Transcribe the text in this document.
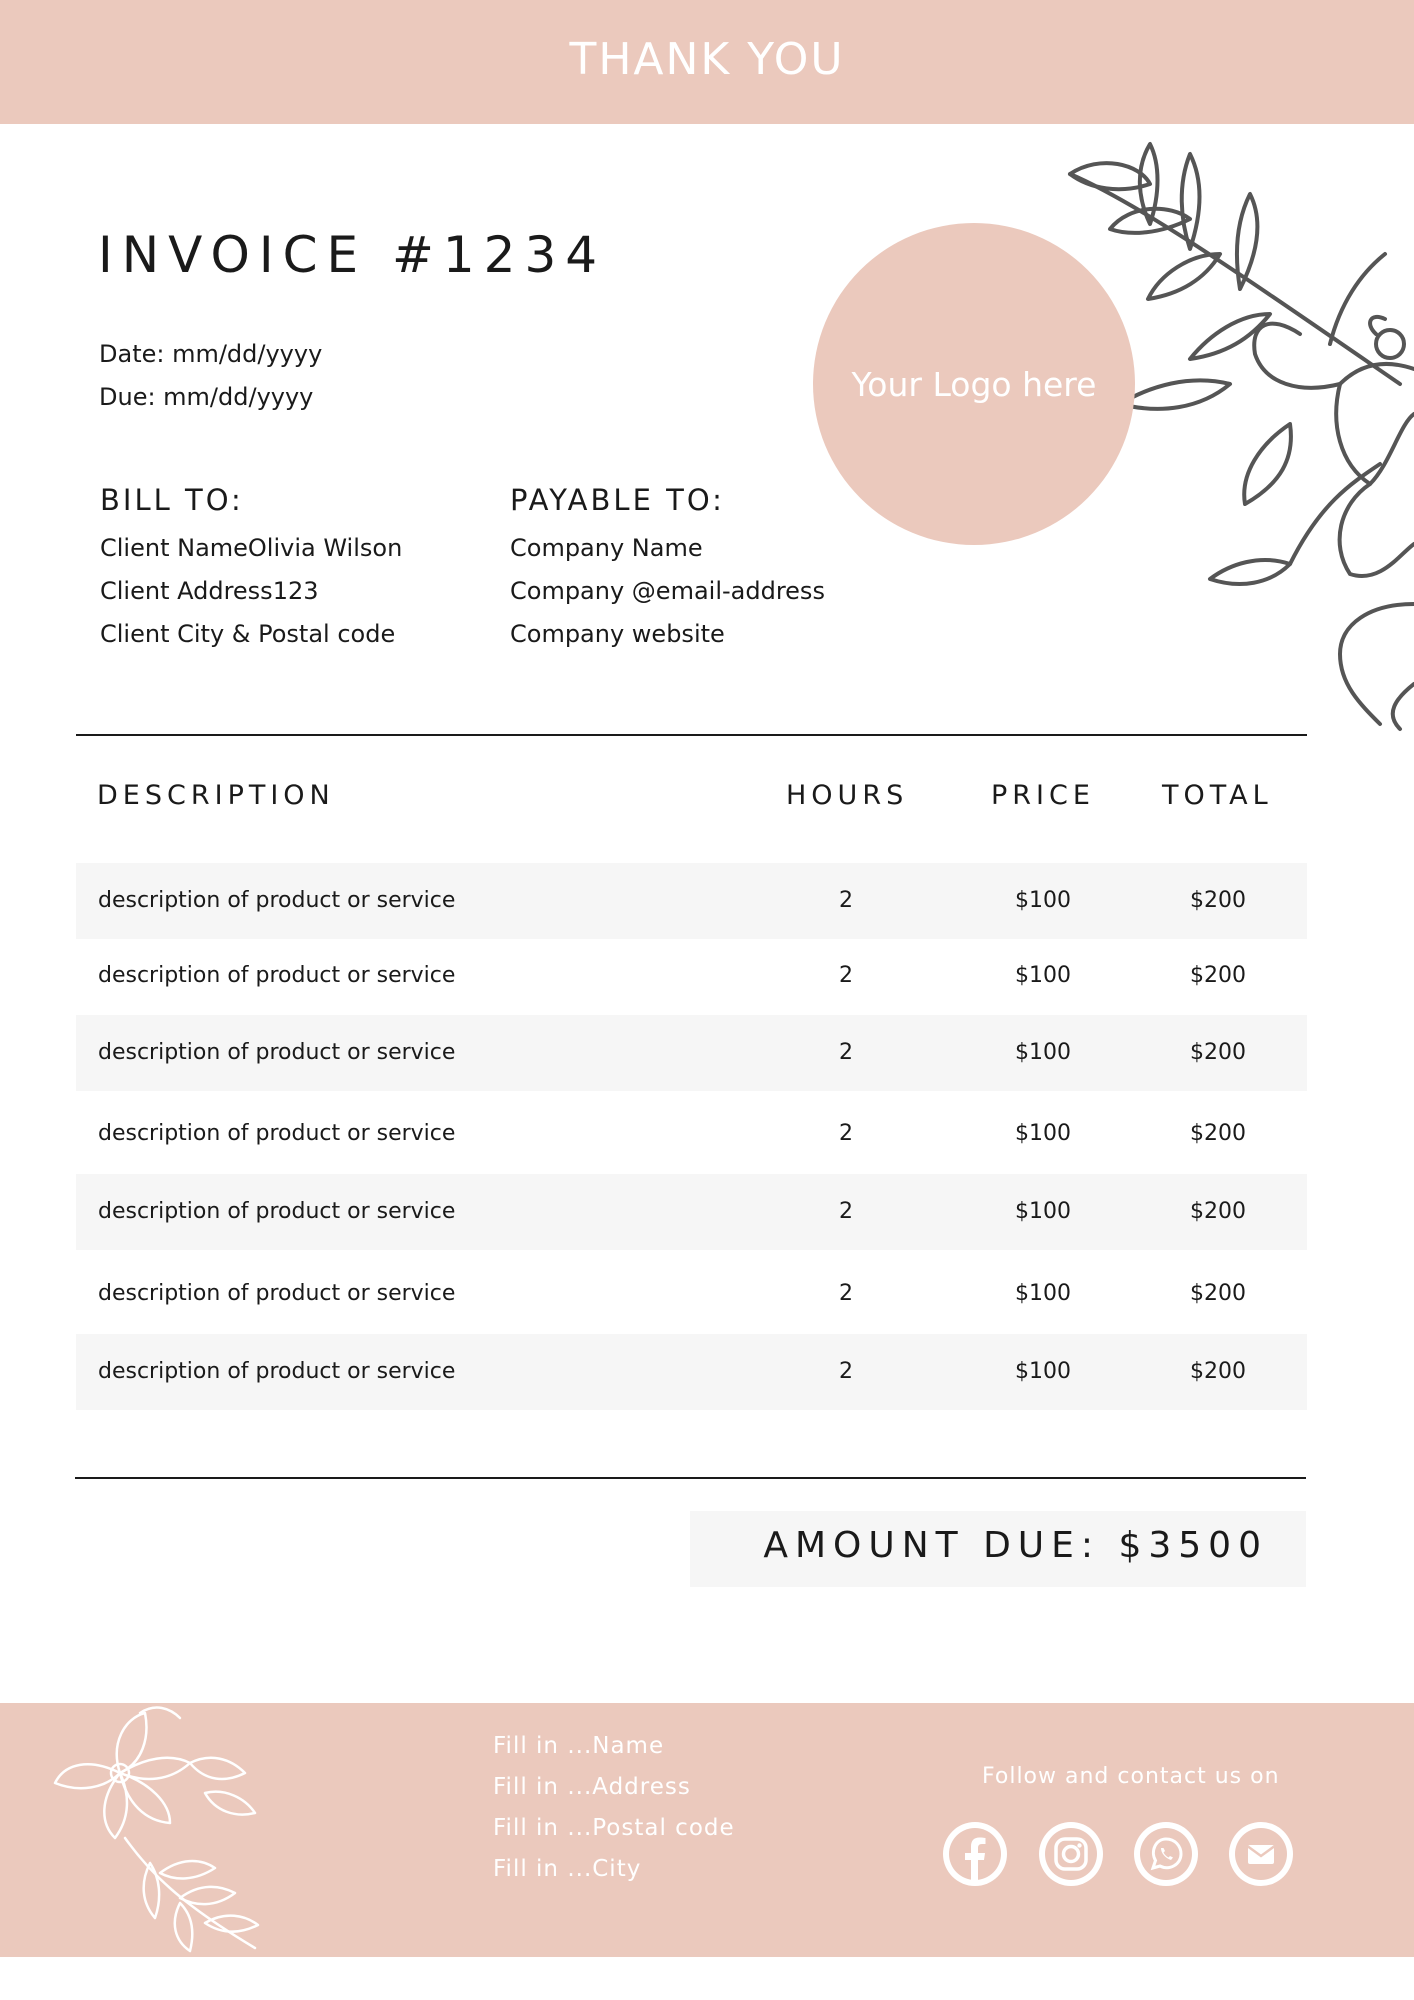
THANK YOU
INVOICE #1234
Date: mm/dd/yyyy
Due: mm/dd/yyyy	Your Logo here
BILL TO:
Client NameOlivia Wilson
Client Address123
Client City & Postal code
PAYABLE TO:
Company Name
Company @email-address
Company website
DESCRIPTION	HOURS	PRICE TOTAL
description of product or service	2	$100	$200
description of product or service	2	$100	$200
description of product or service	2	$100	$200
description of product or service	2	$100	$200
description of product or service	2	$100	$200
description of product or service	2	$100	$200
description of product or service	2	$100	$200
AMOUNT DUE: $3500
Fill in ...Name
Fill in ...Address
Fill in ...Postal code
Fill in ...City
Follow and contact us on
